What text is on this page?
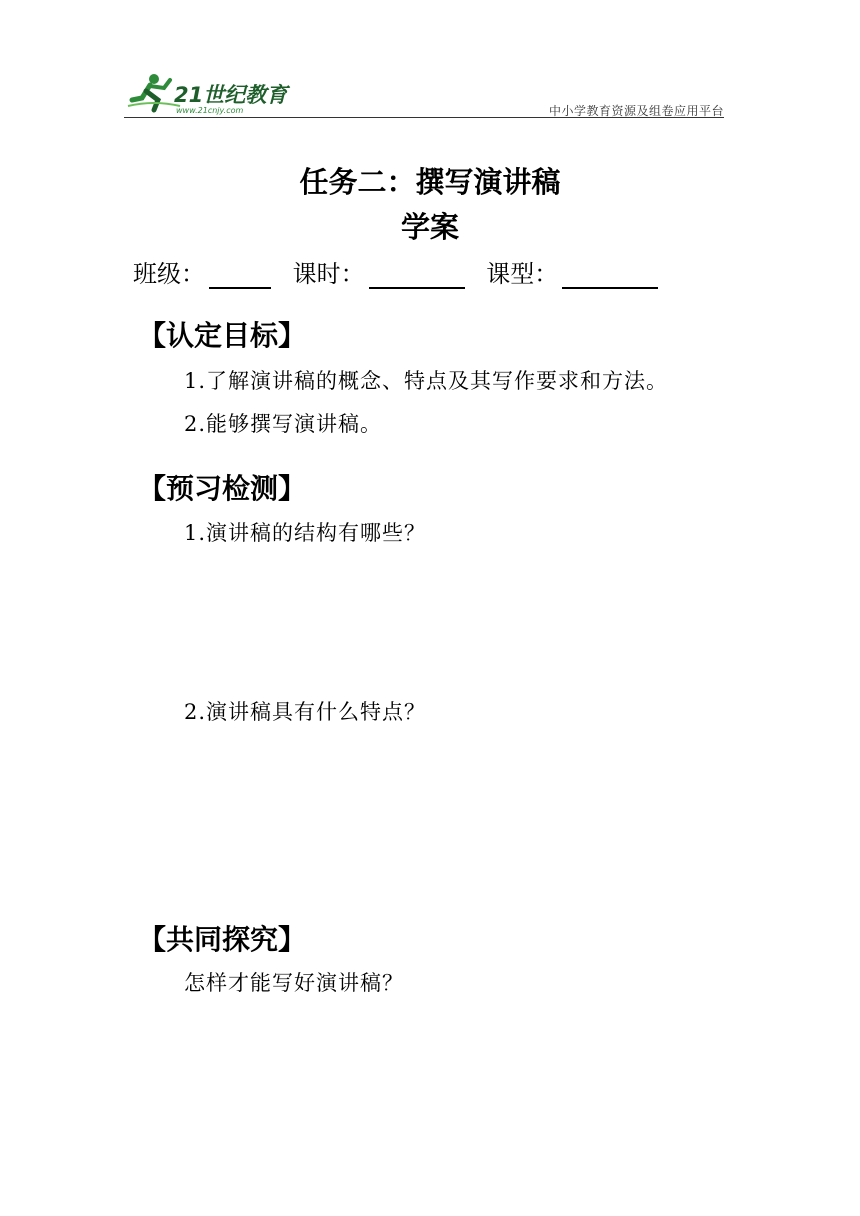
21世纪教育
www.21cnjy.com	中小学教育资源及组卷应用平台
任务二：撰写演讲稿
学案
班级：	课时：	课型：
【认定目标】
1.了解演讲稿的概念、特点及其写作要求和方法。
2.能够撰写演讲稿。
【预习检测】
1.演讲稿的结构有哪些？
2.演讲稿具有什么特点？
【共同探究】
怎样才能写好演讲稿？
